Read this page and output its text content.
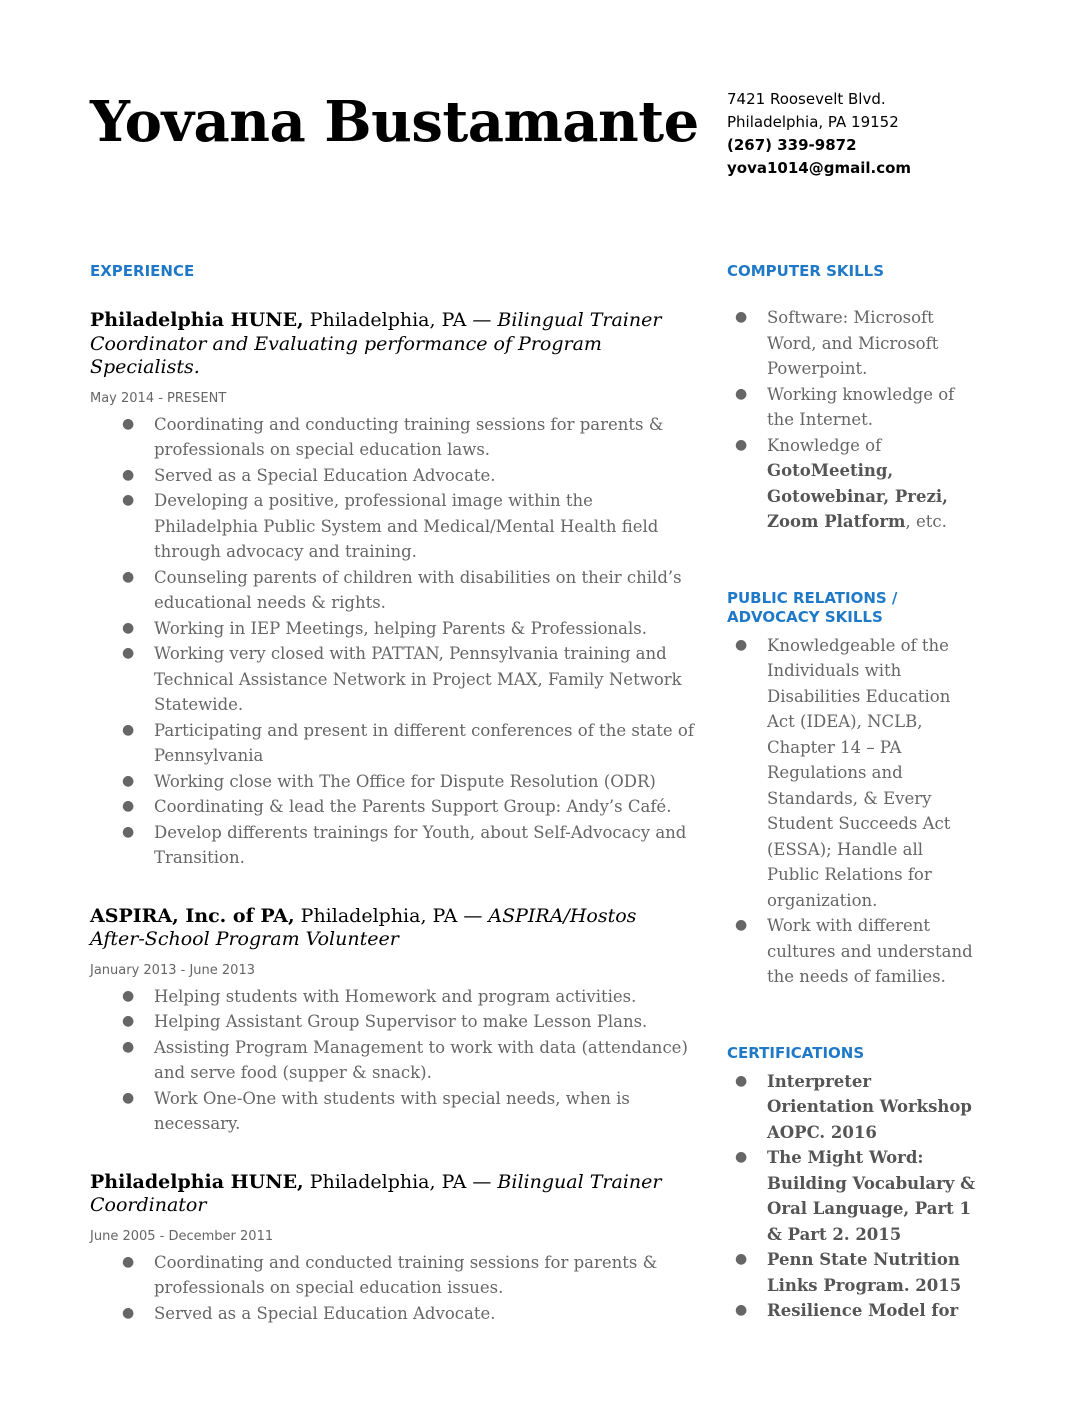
Yovana Bustamante 7421 Roosevelt Blvd.
Philadelphia, PA 19152
(267) 339-9872
yova1014@gmail.com
EXPERIENCE

Philadelphia HUNE, Philadelphia, PA — Bilingual Trainer Coordinator and Evaluating performance of Program Specialists.

May 2014 - PRESENT
● Coordinating and conducting training sessions for parents & professionals on special education laws.
● Served as a Special Education Advocate.
● Developing a positive, professional image within the Philadelphia Public System and Medical/Mental Health field through advocacy and training.
● Counseling parents of children with disabilities on their child’s educational needs & rights.
● Working in IEP Meetings, helping Parents & Professionals.
● Working very closed with PATTAN, Pennsylvania training and Technical Assistance Network in Project MAX, Family Network Statewide.
● Participating and present in different conferences of the state of Pennsylvania
● Working close with The Office for Dispute Resolution (ODR)
● Coordinating & lead the Parents Support Group: Andy’s Café.
● Develop differents trainings for Youth, about Self-Advocacy and Transition.

ASPIRA, Inc. of PA, Philadelphia, PA — ASPIRA/Hostos After-School Program Volunteer

January 2013 - June 2013
● Helping students with Homework and program activities.
● Helping Assistant Group Supervisor to make Lesson Plans.
● Assisting Program Management to work with data (attendance) and serve food (supper & snack).
● Work One-One with students with special needs, when is necessary.

Philadelphia HUNE, Philadelphia, PA — Bilingual Trainer Coordinator

June 2005 - December 2011
● Coordinating and conducted training sessions for parents & professionals on special education issues.
● Served as a Special Education Advocate.
COMPUTER SKILLS
● Software: Microsoft Word, and Microsoft Powerpoint.
● Working knowledge of the Internet.
● Knowledge of GotoMeeting, Gotowebinar, Prezi, Zoom Platform, etc.
PUBLIC RELATIONS / ADVOCACY SKILLS
● Knowledgeable of the Individuals with Disabilities Education Act (IDEA), NCLB, Chapter 14 – PA Regulations and Standards, & Every Student Succeeds Act (ESSA); Handle all Public Relations for organization.
● Work with different cultures and understand the needs of families.
CERTIFICATIONS
● Interpreter Orientation Workshop AOPC. 2016
● The Might Word: Building Vocabulary & Oral Language, Part 1 & Part 2. 2015
● Penn State Nutrition Links Program. 2015
● Resilience Model for
